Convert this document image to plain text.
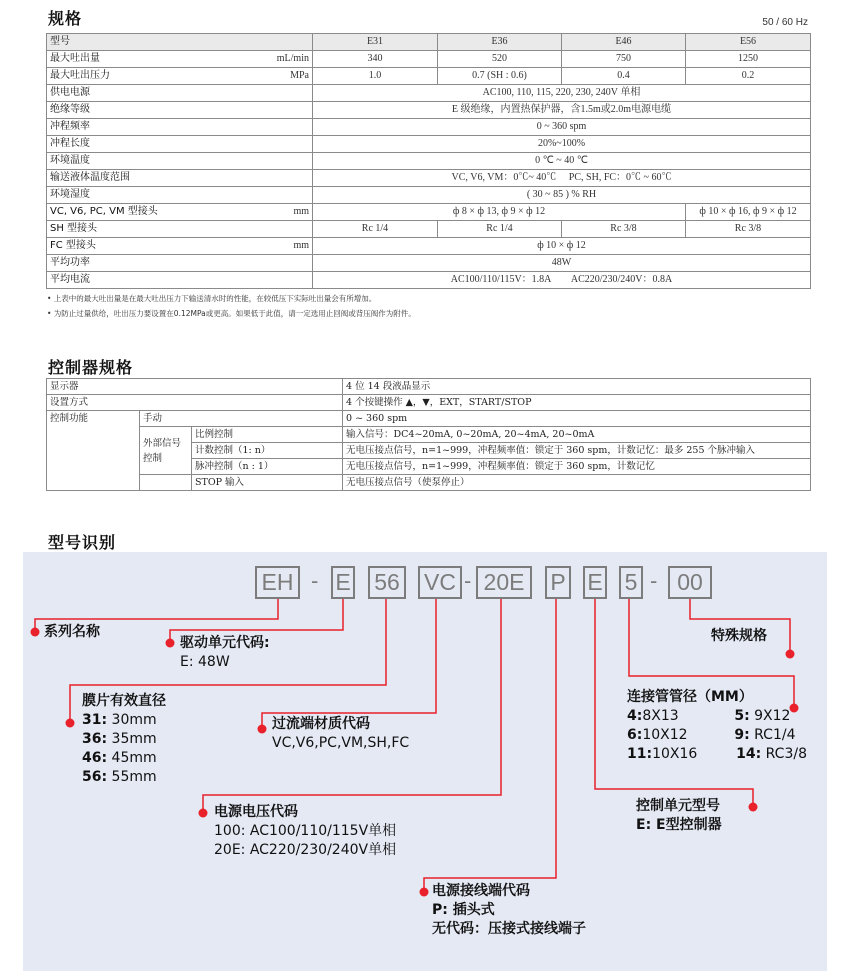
规格	50 / 60 Hz
型号		E31	E36	E46	E56
最大吐出量	mL/min	340	520	750	1250
最大吐出压力	MPa	1.0	0.7 (SH : 0.6)	0.4	0.2
供电电源		AC100, 110, 115, 220, 230, 240V 单相			
绝缘等级		E 级绝缘，内置热保护器，含1.5m或2.0m电源电缆			
冲程频率		0 ~ 360 spm			
冲程长度		20%~100%			
环境温度		0 ℃ ~ 40 ℃			
输送液体温度范围		VC, V6, VM：0℃~ 40℃　 PC, SH, FC：0℃ ~ 60℃			
环境湿度		( 30 ~ 85 ) % RH			
VC, V6, PC, VM 型接头	mm	ф 8 × ф 13, ф 9 × ф 12			ф 10 × ф 16, ф 9 × ф 12
SH 型接头		Rc 1/4	Rc 1/4	Rc 3/8	Rc 3/8
FC 型接头	mm	ф 10 × ф 12			
平均功率		48W			
平均电流		AC100/110/115V：1.8A　　AC220/230/240V：0.8A			
• 上表中的最大吐出量是在最大吐出压力下输送清水时的性能，在较低压下实际吐出量会有所增加。
• 为防止过量供给，吐出压力要设置在0.12MPa或更高。如果低于此值，请一定选用止回阀或背压阀作为附件。
控制器规格
显示器			4 位 14 段液晶显示
设置方式			4 个按键操作 ▲，▼，EXT，START/STOP
控制功能	手动		0 ~ 360 spm
	外部信号控制	比例控制	输入信号：DC4~20mA, 0~20mA, 20~4mA, 20~0mA
		计数控制（1: n）	无电压接点信号，n=1~999，冲程频率值：锁定于 360 spm，计数记忆：最多 255 个脉冲输入
		脉冲控制（n : 1）	无电压接点信号，n=1~999，冲程频率值：锁定于 360 spm，计数记忆
		STOP 输入	无电压接点信号（使泵停止）
型号识别
EH - E 56 VC - 20E	P E 5 - 00
系列名称
驱动单元代码:
E: 48W
特殊规格
膜片有效直径
31: 30mm
36: 35mm
46: 45mm
56: 55mm
过流端材质代码
VC,V6,PC,VM,SH,FC
连接管管径（MM）
4:8X13	5: 9X12
6:10X12	9: RC1/4
11:10X16	14: RC3/8
电源电压代码
100: AC100/110/115V单相
20E: AC220/230/240V单相
控制单元型号
E: E型控制器
电源接线端代码
P: 插头式
无代码：压接式接线端子
